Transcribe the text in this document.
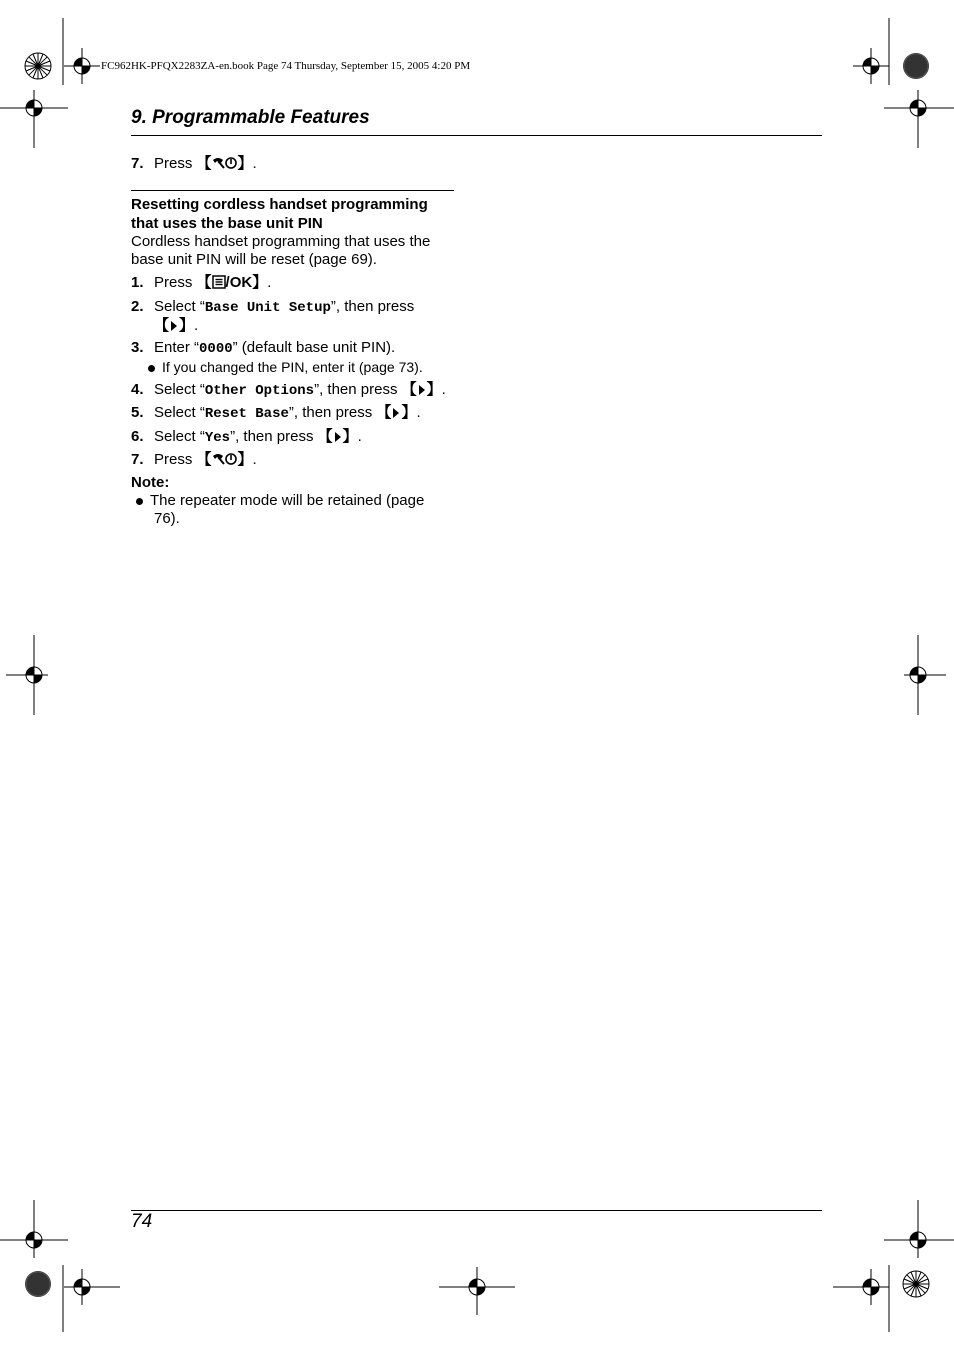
FC962HK-PFQX2283ZA-en.book Page 74 Thursday, September 15, 2005 4:20 PM
9. Programmable Features
7. Press 【 】.
Resetting cordless handset programming
that uses the base unit PIN
Cordless handset programming that uses the
base unit PIN will be reset (page 69).
1. Press 【 /OK】.
2. Select “Base Unit Setup”, then press
【 】.
3. Enter “0000” (default base unit PIN).
If you changed the PIN, enter it (page 73).
4. Select “Other Options”, then press 【 】.
5. Select “Reset Base”, then press 【 】.
6. Select “Yes”, then press 【 】.
7. Press 【 】.
Note:
The repeater mode will be retained (page
76).
74
